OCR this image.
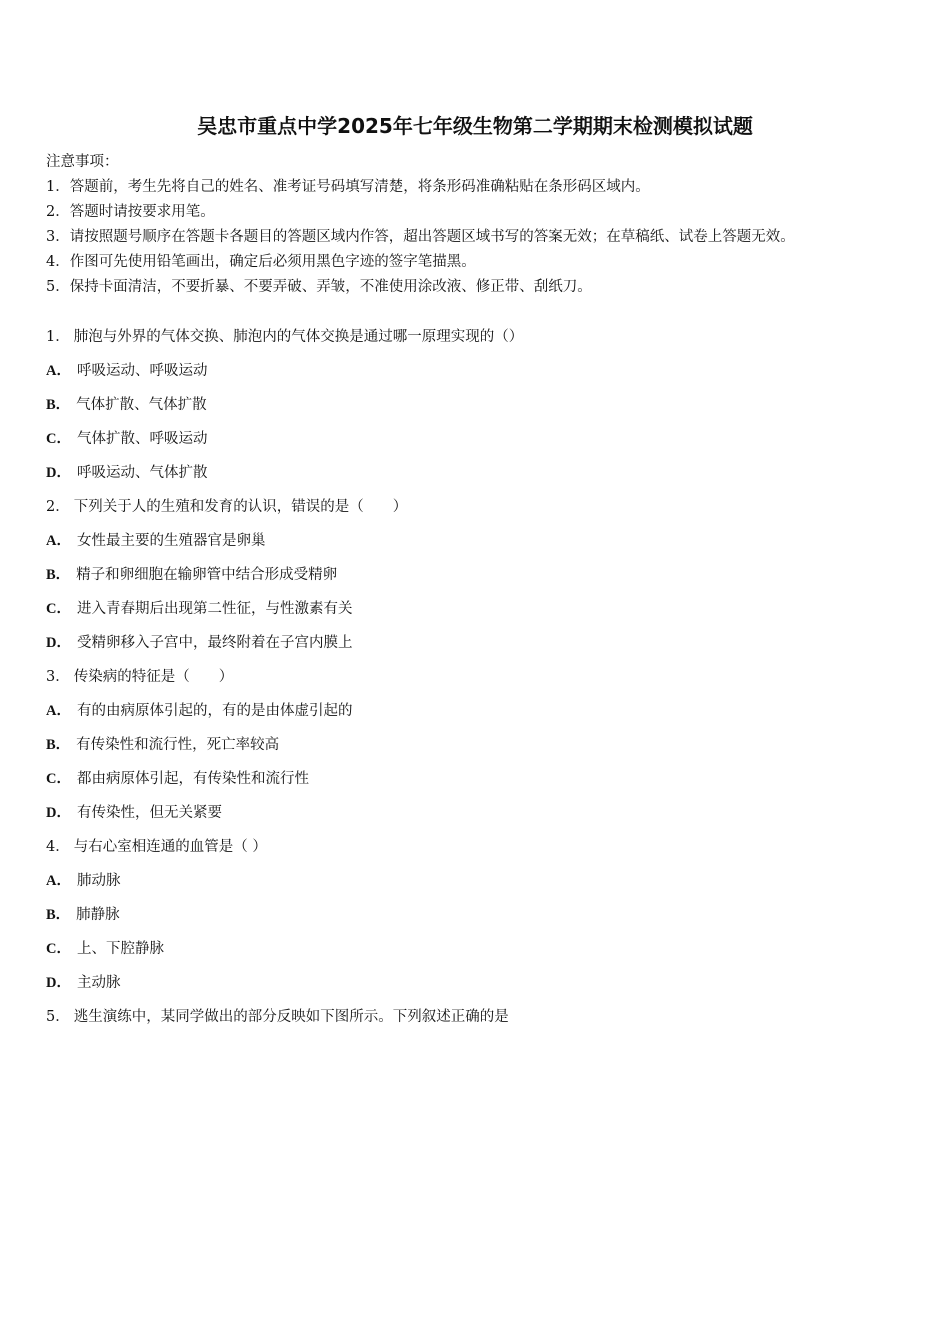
吴忠市重点中学2025年七年级生物第二学期期末检测模拟试题
注意事项：
1．答题前，考生先将自己的姓名、准考证号码填写清楚，将条形码准确粘贴在条形码区域内。
2．答题时请按要求用笔。
3．请按照题号顺序在答题卡各题目的答题区域内作答，超出答题区域书写的答案无效；在草稿纸、试卷上答题无效。
4．作图可先使用铅笔画出，确定后必须用黑色字迹的签字笔描黑。
5．保持卡面清洁，不要折暴、不要弄破、弄皱，不准使用涂改液、修正带、刮纸刀。
1． 肺泡与外界的气体交换、肺泡内的气体交换是通过哪一原理实现的（）
A． 呼吸运动、呼吸运动
B． 气体扩散、气体扩散
C． 气体扩散、呼吸运动
D． 呼吸运动、气体扩散
2． 下列关于人的生殖和发育的认识，错误的是（　　）
A． 女性最主要的生殖器官是卵巢
B． 精子和卵细胞在输卵管中结合形成受精卵
C． 进入青春期后出现第二性征，与性激素有关
D． 受精卵移入子宫中，最终附着在子宫内膜上
3． 传染病的特征是（　　）
A． 有的由病原体引起的，有的是由体虚引起的
B． 有传染性和流行性，死亡率较高
C． 都由病原体引起，有传染性和流行性
D． 有传染性，但无关紧要
4． 与右心室相连通的血管是（ ）
A． 肺动脉
B． 肺静脉
C． 上、下腔静脉
D． 主动脉
5． 逃生演练中，某同学做出的部分反映如下图所示。下列叙述正确的是
